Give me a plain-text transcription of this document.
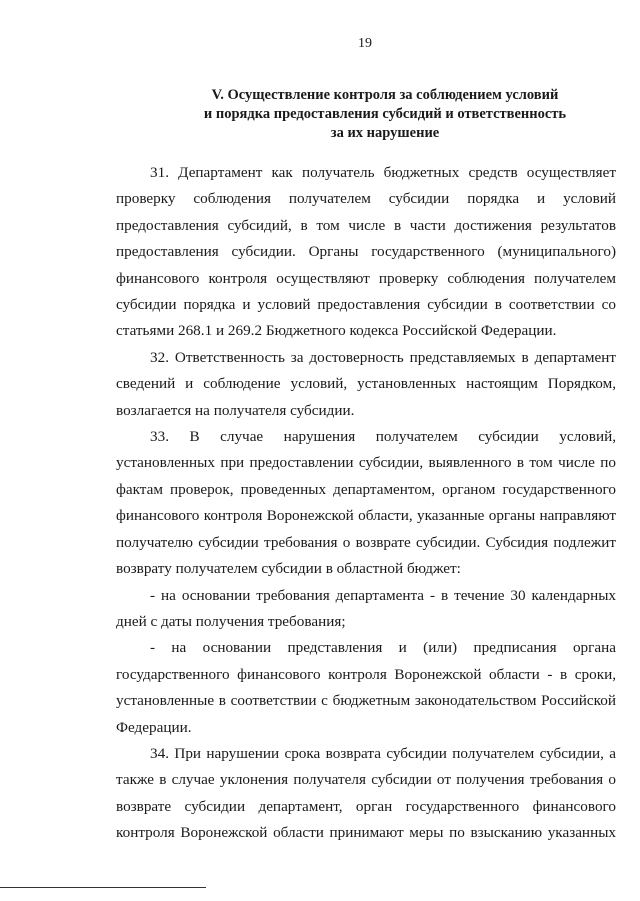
19
V. Осуществление контроля за соблюдением условий
и порядка предоставления субсидий и ответственность
за их нарушение

31. Департамент как получатель бюджетных средств осуществляет проверку соблюдения получателем субсидии порядка и условий предоставления субсидий, в том числе в части достижения результатов предоставления субсидии. Органы государственного (муниципального) финансового контроля осуществляют проверку соблюдения получателем субсидии порядка и условий предоставления субсидии в соответствии со статьями 268.1 и 269.2 Бюджетного кодекса Российской Федерации.

32. Ответственность за достоверность представляемых в департамент сведений и соблюдение условий, установленных настоящим Порядком, возлагается на получателя субсидии.

33. В случае нарушения получателем субсидии условий, установленных при предоставлении субсидии, выявленного в том числе по фактам проверок, проведенных департаментом, органом государственного финансового контроля Воронежской области, указанные органы направляют получателю субсидии требования о возврате субсидии. Субсидия подлежит возврату получателем субсидии в областной бюджет:

- на основании требования департамента - в течение 30 календарных дней с даты получения требования;

- на основании представления и (или) предписания органа государственного финансового контроля Воронежской области - в сроки, установленные в соответствии с бюджетным законодательством Российской Федерации.

34. При нарушении срока возврата субсидии получателем субсидии, а также в случае уклонения получателя субсидии от получения требования о возврате субсидии департамент, орган государственного финансового контроля Воронежской области принимают меры по взысканию указанных
